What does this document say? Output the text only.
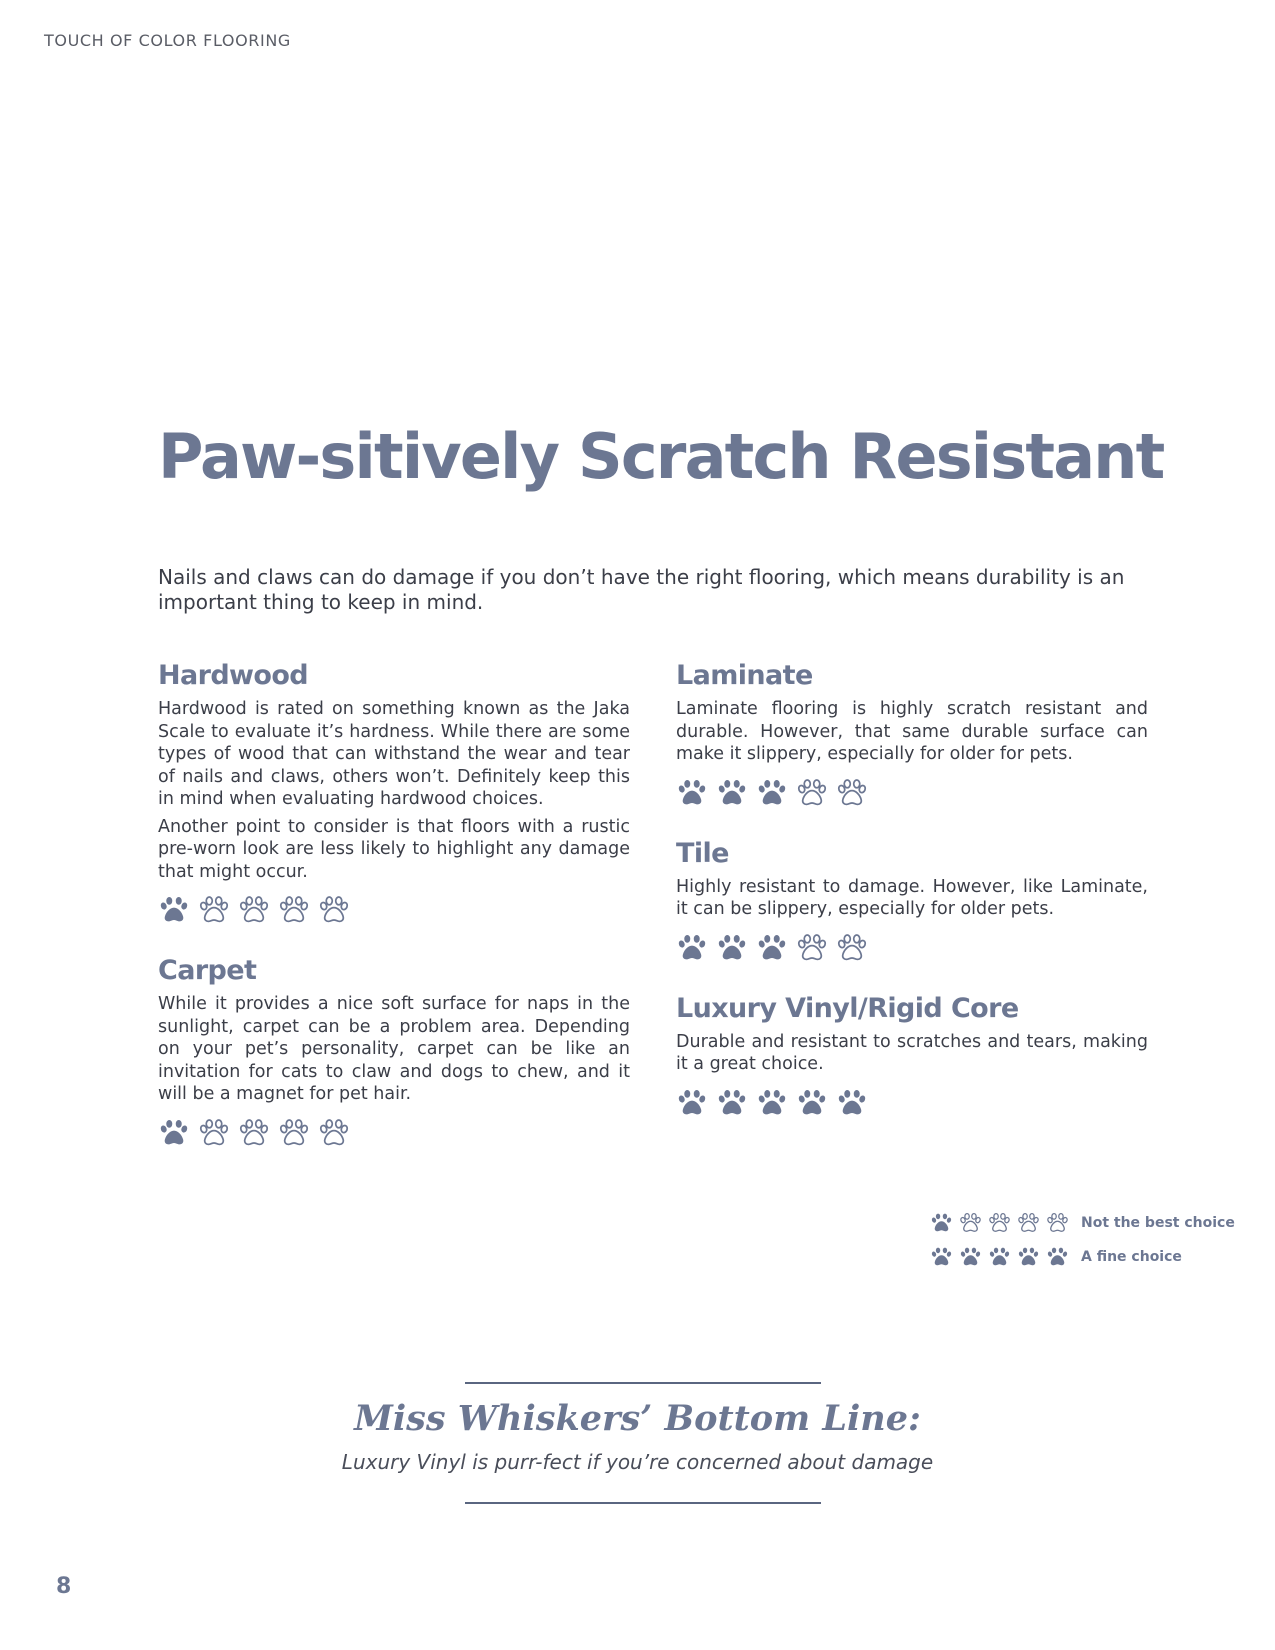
TOUCH OF COLOR FLOORING
Paw-sitively Scratch Resistant

Nails and claws can do damage if you don’t have the right flooring, which means durability is an important thing to keep in mind.

Hardwood

Hardwood is rated on something known as the Jaka Scale to evaluate it’s hardness. While there are some types of wood that can withstand the wear and tear of nails and claws, others won’t. Definitely keep this in mind when evaluating hardwood choices.

Another point to consider is that floors with a rustic pre-worn look are less likely to highlight any damage that might occur.

Carpet

While it provides a nice soft surface for naps in the sunlight, carpet can be a problem area. Depending on your pet’s personality, carpet can be like an invitation for cats to claw and dogs to chew, and it will be a magnet for pet hair.

Laminate

Laminate flooring is highly scratch resistant and durable. However, that same durable surface can make it slippery, especially for older for pets.

Tile

Highly resistant to damage. However, like Laminate, it can be slippery, especially for older pets.

Luxury Vinyl/Rigid Core

Durable and resistant to scratches and tears, making it a great choice.

Not the best choice
A fine choice
Miss Whiskers’ Bottom Line:
Luxury Vinyl is purr-fect if you’re concerned about damage
8
